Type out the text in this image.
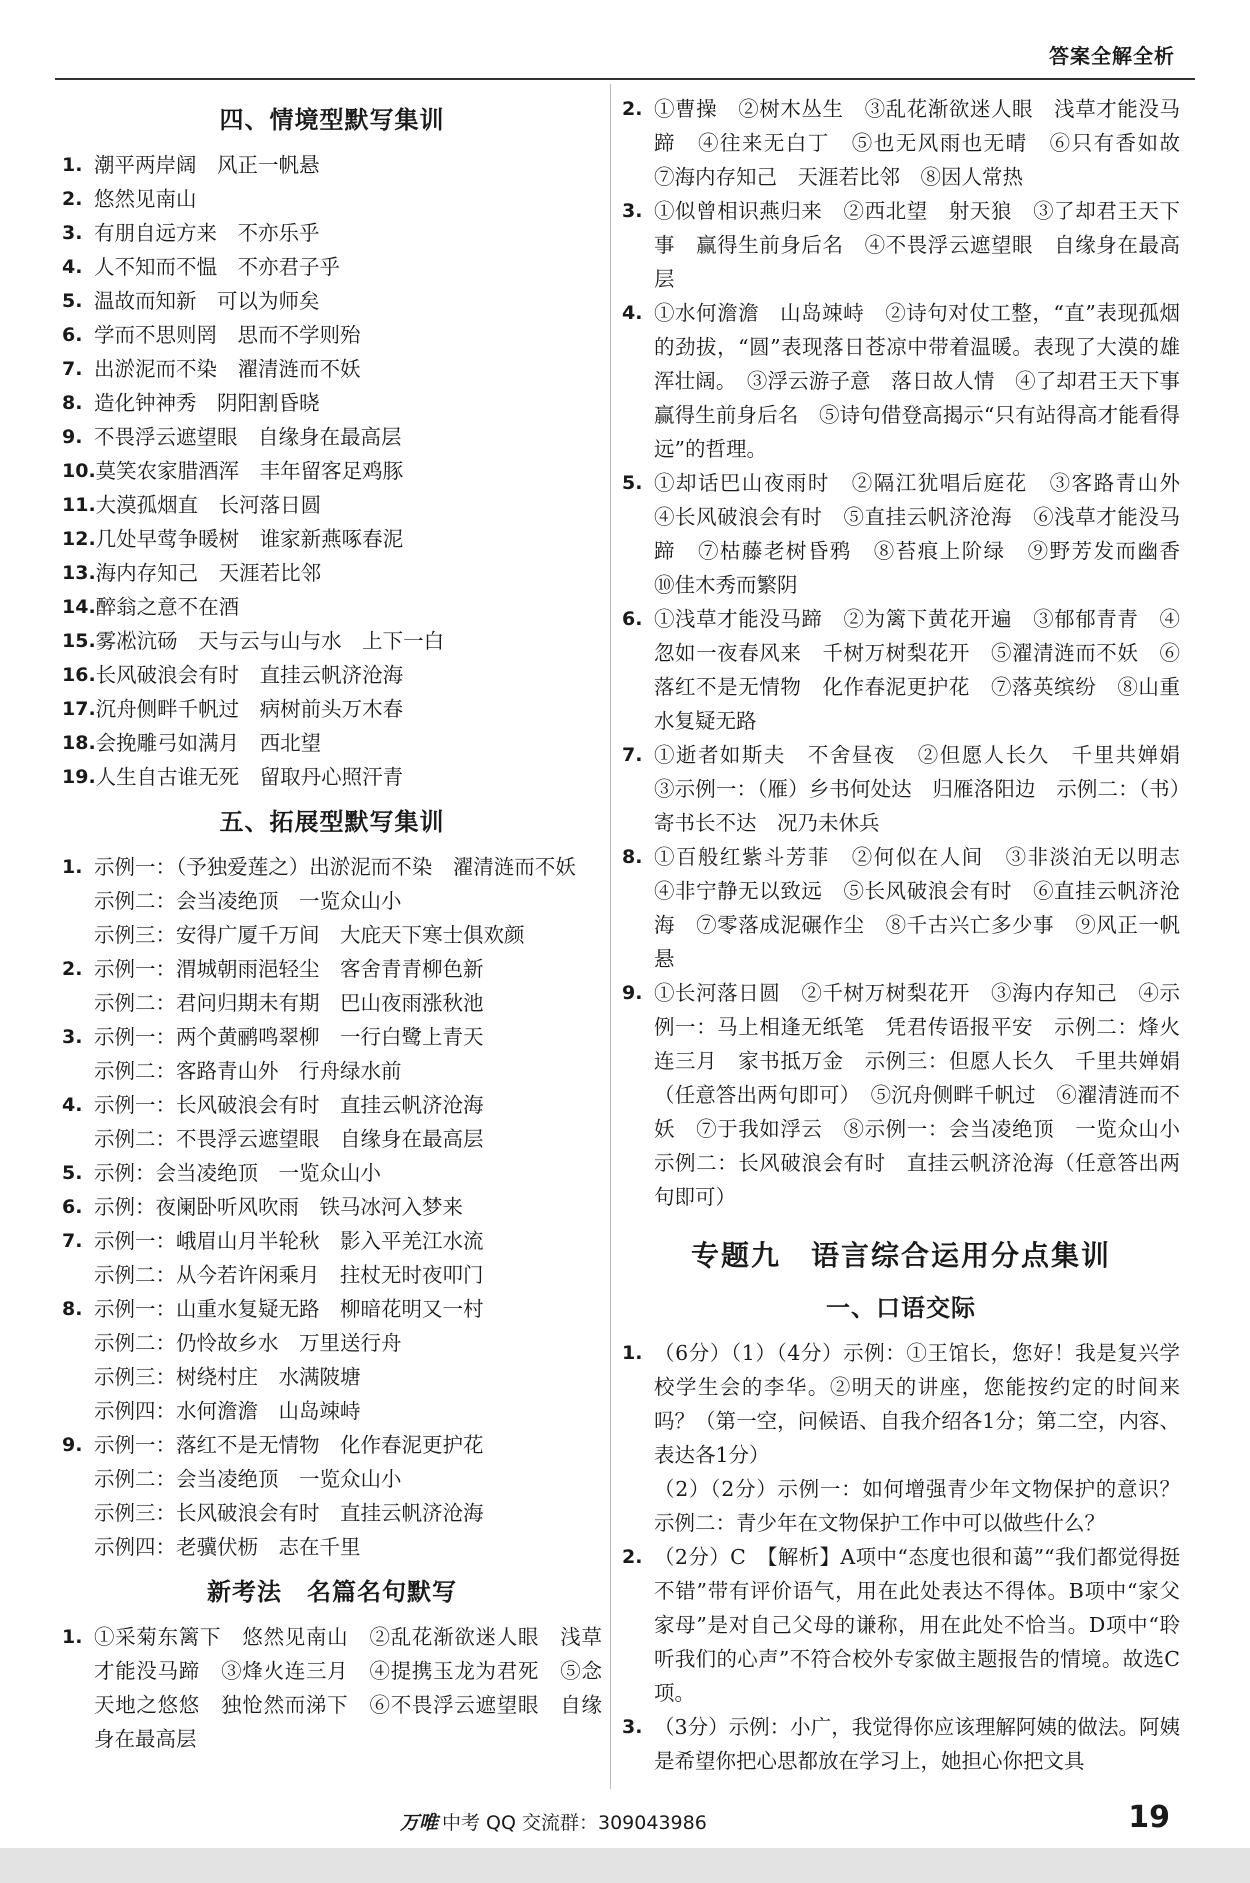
答案全解全析
四、情境型默写集训
1. 潮平两岸阔　风正一帆悬
2. 悠然见南山
3. 有朋自远方来　不亦乐乎
4. 人不知而不愠　不亦君子乎
5. 温故而知新　可以为师矣
6. 学而不思则罔　思而不学则殆
7. 出淤泥而不染　濯清涟而不妖
8. 造化钟神秀　阴阳割昏晓
9. 不畏浮云遮望眼　自缘身在最高层
10. 莫笑农家腊酒浑　丰年留客足鸡豚
11. 大漠孤烟直　长河落日圆
12. 几处早莺争暖树　谁家新燕啄春泥
13. 海内存知己　天涯若比邻
14. 醉翁之意不在酒
15. 雾凇沆砀　天与云与山与水　上下一白
16. 长风破浪会有时　直挂云帆济沧海
17. 沉舟侧畔千帆过　病树前头万木春
18. 会挽雕弓如满月　西北望
19. 人生自古谁无死　留取丹心照汗青
五、拓展型默写集训
1. 示例一：（予独爱莲之）出淤泥而不染　濯清涟而不妖
示例二：会当凌绝顶　一览众山小
示例三：安得广厦千万间　大庇天下寒士俱欢颜
2. 示例一：渭城朝雨浥轻尘　客舍青青柳色新
示例二：君问归期未有期　巴山夜雨涨秋池
3. 示例一：两个黄鹂鸣翠柳　一行白鹭上青天
示例二：客路青山外　行舟绿水前
4. 示例一：长风破浪会有时　直挂云帆济沧海
示例二：不畏浮云遮望眼　自缘身在最高层
5. 示例：会当凌绝顶　一览众山小
6. 示例：夜阑卧听风吹雨　铁马冰河入梦来
7. 示例一：峨眉山月半轮秋　影入平羌江水流
示例二：从今若许闲乘月　拄杖无时夜叩门
8. 示例一：山重水复疑无路　柳暗花明又一村
示例二：仍怜故乡水　万里送行舟
示例三：树绕村庄　水满陂塘
示例四：水何澹澹　山岛竦峙
9. 示例一：落红不是无情物　化作春泥更护花
示例二：会当凌绝顶　一览众山小
示例三：长风破浪会有时　直挂云帆济沧海
示例四：老骥伏枥　志在千里
新考法　名篇名句默写
1. ①采菊东篱下　悠然见南山　②乱花渐欲迷人眼　浅草才能没马蹄　③烽火连三月　④提携玉龙为君死　⑤念天地之悠悠　独怆然而涕下　⑥不畏浮云遮望眼　自缘身在最高层
2. ①曹操　②树木丛生　③乱花渐欲迷人眼　浅草才能没马蹄　④往来无白丁　⑤也无风雨也无晴　⑥只有香如故　⑦海内存知己　天涯若比邻　⑧因人常热
3. ①似曾相识燕归来　②西北望　射天狼　③了却君王天下事　赢得生前身后名　④不畏浮云遮望眼　自缘身在最高层
4. ①水何澹澹　山岛竦峙　②诗句对仗工整，“直”表现孤烟的劲拔，“圆”表现落日苍凉中带着温暖。表现了大漠的雄浑壮阔。　③浮云游子意　落日故人情　④了却君王天下事　赢得生前身后名　⑤诗句借登高揭示“只有站得高才能看得远”的哲理。
5. ①却话巴山夜雨时　②隔江犹唱后庭花　③客路青山外　④长风破浪会有时　⑤直挂云帆济沧海　⑥浅草才能没马蹄　⑦枯藤老树昏鸦　⑧苔痕上阶绿　⑨野芳发而幽香　⑩佳木秀而繁阴
6. ①浅草才能没马蹄　②为篱下黄花开遍　③郁郁青青　④忽如一夜春风来　千树万树梨花开　⑤濯清涟而不妖　⑥落红不是无情物　化作春泥更护花　⑦落英缤纷　⑧山重水复疑无路
7. ①逝者如斯夫　不舍昼夜　②但愿人长久　千里共婵娟　③示例一：（雁）乡书何处达　归雁洛阳边　示例二：（书）寄书长不达　况乃未休兵
8. ①百般红紫斗芳菲　②何似在人间　③非淡泊无以明志　④非宁静无以致远　⑤长风破浪会有时　⑥直挂云帆济沧海　⑦零落成泥碾作尘　⑧千古兴亡多少事　⑨风正一帆悬
9. ①长河落日圆　②千树万树梨花开　③海内存知己　④示例一：马上相逢无纸笔　凭君传语报平安　示例二：烽火连三月　家书抵万金　示例三：但愿人长久　千里共婵娟（任意答出两句即可）　⑤沉舟侧畔千帆过　⑥濯清涟而不妖　⑦于我如浮云　⑧示例一：会当凌绝顶　一览众山小　示例二：长风破浪会有时　直挂云帆济沧海（任意答出两句即可）
专题九　语言综合运用分点集训
一、口语交际
1. （6分）（1）（4分）示例：①王馆长，您好！我是复兴学校学生会的李华。②明天的讲座，您能按约定的时间来吗？（第一空，问候语、自我介绍各1分；第二空，内容、表达各1分）
（2）（2分）示例一：如何增强青少年文物保护的意识？示例二：青少年在文物保护工作中可以做些什么？
2. （2分）C　【解析】A项中“态度也很和蔼”“我们都觉得挺不错”带有评价语气，用在此处表达不得体。B项中“家父家母”是对自己父母的谦称，用在此处不恰当。D项中“聆听我们的心声”不符合校外专家做主题报告的情境。故选C项。
3. （3分）示例：小广，我觉得你应该理解阿姨的做法。阿姨是希望你把心思都放在学习上，她担心你把文具
万唯 中考 QQ 交流群：309043986	19
